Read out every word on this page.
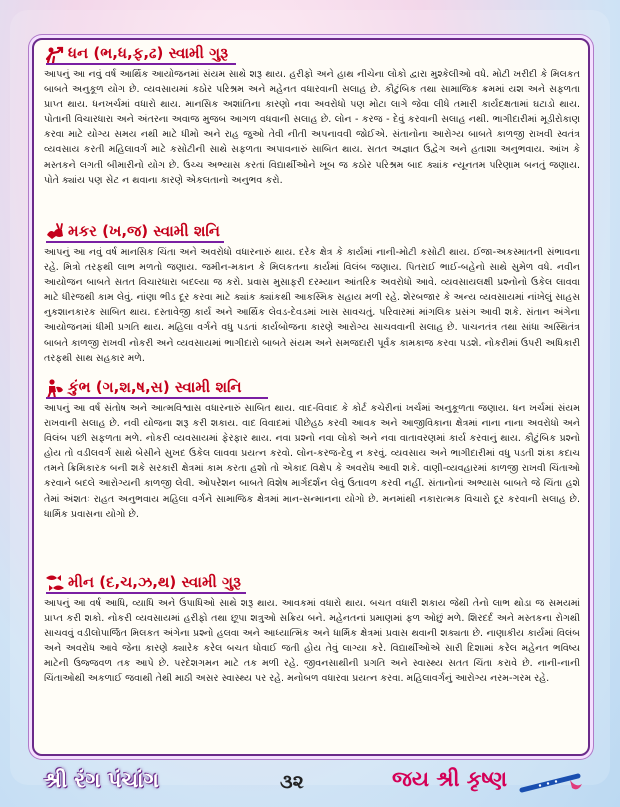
ધન (ભ,ધ,ફ,ઢ) સ્વામી ગુરૂ
આપનું આ નવું વર્ષ આર્થિક આયોજનમાં સંયમ સાથે શરૂ થાય. હરીફો અને હાથ નીચેના લોકો દ્વારા મુશ્કેલીઓ વધે. મોટી ખરીદી કે મિલકત બાબતે અનુકૂળ યોગ છે. વ્યવસાયમાં કઠોર પરિશ્રમ અને મહેનત વધારવાની સલાહ છે. કૌટુંબિક તથા સામાજિક ક્રમમાં યશ અને સફળતા પ્રાપ્ત થાય. ધનખર્ચમાં વધારો થાય. માનસિક અશાંતિના કારણો નવા અવરોધો પણ મોટા લાગે જેવા લીધે તમારી કાર્યદક્ષતામાં ઘટાડો થાય. પોતાની વિચારધારા અને અંતરના અવાજ મુજબ આગળ વધવાની સલાહ છે. લોન - કરજ - દેવું કરવાની સલાહ નથી. ભાગીદારીમાં મૂડીરોકાણ કરવા માટે યોગ્ય સમય નથી માટે ધીમો અને રાહ જુઓ તેવી નીતી અપનાવવી જોઈએ. સંતાનોના આરોગ્ય બાબતે કાળજી રાખવી સ્વતંત્ર વ્યવસાય કરતી મહિલાવર્ગ માટે કસોટીની સાથે સફળતા અપાવનારું સાબિત થાય. સતત અજ્ઞાત ઉદ્વેગ અને હતાશા અનુભવાય. આંખ કે મસ્તકને લગતી બીમારીનો યોગ છે. ઉચ્ચ અભ્યાસ કરતાં વિદ્યાર્થીઓને ખૂબ જ કઠોર પરિશ્રમ બાદ ક્યાંક ન્યૂનતમ પરિણામ બનતું જણાય. પોતે ક્યાંય પણ સેટ ન થવાના કારણે એકલતાનો અનુભવ કરો.
મકર (ખ,જ) સ્વામી શનિ
આપનું આ નવું વર્ષ માનસિક ચિંતા અને અવરોધો વધારનારું થાય. દરેક ક્ષેત્ર કે કાર્યમાં નાની-મોટી કસોટી થાય. ઈજા-અકસ્માતની સંભાવના રહે. મિત્રો તરફથી લાભ મળતો જણાય. જમીન-મકાન કે મિલકતના કાર્યમાં વિલંબ જણાય. પિતરાઈ ભાઈ-બહેનો સાથે સુમેળ વધે. નવીન આયોજન બાબતે સતત વિચારધારા બદલ્યા જ કરો. પ્રવાસ મુસાફરી દરમ્યાન આંતરિક અવરોધો આવે. વ્યવસાયલક્ષી પ્રશ્નોનો ઉકેલ લાવવા માટે ધીરજથી કામ લેવું. નાંણા ભીડ દૂર કરવા માટે ક્યાંક ક્યાંકથી આકસ્મિક સહાય મળી રહે. શેરબજાર કે અન્ય વ્યવસાયમાં નાંખેલું સાહસ નુકશાનકારક સાબિત થાય. દસ્તાવેજી કાર્ય અને આર્થિક લેવડ-દેવડમાં ખાસ સાવચતું. પરિવારમાં માંગલિક પ્રસંગ આવી શકે. સંતાન અંગેના આયોજનમાં ધીમી પ્રગતિ થાય. મહિલા વર્ગને વધુ પડતાં કાર્યબોજના કારણે આરોગ્ય સાચવવાની સલાહ છે. પાચનતંત્ર તથા સાંધા અસ્થિતંત્ર બાબતે કાળજી રાખવી નોકરી અને વ્યવસાયમાં ભાગીદારો બાબતે સંયમ અને સમજદારી પૂર્વક કામકાજ કરવા પડશે. નોકરીમાં ઉપરી અધિકારી તરફથી સાથ સહકાર મળે.
કુંભ (ગ,શ,ષ,સ) સ્વામી શનિ
આપનું આ વર્ષ સંતોષ અને આત્મવિશ્વાસ વધારનારું સાબિત થાય. વાદ-વિવાદ કે કોર્ટ કચેરીનાં ખર્ચમાં અનુકૂળતા જણાય. ધન ખર્ચમાં સંયમ રાખવાની સલાહ છે. નવી યોજના શરૂ કરી શકાય. વાદ વિવાદમાં પીછેહઠ કરવી આવક અને આજીવિકાના ક્ષેત્રમાં નાના નાના અવરોધો અને વિલંબ પછી સફળતા મળે. નોકરી વ્યવસાયમાં ફેરફાર થાય. નવા પ્રશ્નો નવા લોકો અને નવા વાતાવરણમાં કાર્ય કરવાનું થાય. કૌટુંબિક પ્રશ્નો હોય તો વડીલવર્ગ સાથે બેસીને સુખદ ઉકેલ લાવવા પ્રયત્ન કરવો. લોન-કરજ-દેવુ ન કરવું. વ્યવસાય અને ભાગીદારીમાં વધુ પડતી શંકા કદાચ તમને ક્રિમિકારક બની શકે સરકારી ક્ષેત્રમાં કામ કરતા હશો તો એકાદ વિક્ષેપ કે અવરોધ આવી શકે. વાણી-વ્યવહારમાં કાળજી રાખવી ચિંતાઓ કરવાને બદલે આરોગ્યની કાળજી લેવી. ઓપરેશન બાબતે વિશેષ માર્ગદર્શન લેવું ઉતાવળ કરવી નહીં. સંતાનોનાં અભ્યાસ બાબતે જે ચિંતા હશે તેમાં અંશતઃ રાહત અનુભવાય મહિલા વર્ગને સામાજિક ક્ષેત્રમાં માન-સન્માનના યોગો છે. મનમાંથી નકારાત્મક વિચારો દૂર કરવાની સલાહ છે. ધાર્મિક પ્રવાસના યોગો છે.
મીન (દ,ચ,ઝ,થ) સ્વામી ગુરૂ
આપનું આ વર્ષ આધિ, વ્યાધિ અને ઉપાધિઓ સાથે શરૂ થાય. આવકમાં વધારો થાય. બચત વધારી શકાય જેથી તેનો લાભ થોડા જ સમયમાં પ્રાપ્ત કરી શકો. નોકરી વ્યવસાયમાં હરીફો તથા છૂપા શત્રુઓ સક્રિય બને. મહેનતનાં પ્રમાણમાં ફળ ઓછું મળે. શિરદર્દ અને મસ્તકના રોગથી સાચવવું વડીલોપાર્જિત મિલકત અંગેના પ્રશ્નો હલવા અને આધ્યાત્મિક અને ધાર્મિક ક્ષેત્રમાં પ્રવાસ થવાની શક્યતા છે. નાણાકીય કાર્યમાં વિલંબ અને અવરોધ આવે જેના કારણે ક્યારેક કરેલ બચત ધોવાઈ જતી હોય તેવું લાગ્યા કરે. વિદ્યાર્થીઓએ સારી દિશામાં કરેલ મહેનત ભવિષ્ય માટેની ઉજ્જવળ તક આપે છે. પરદેશગમન માટે તક મળી રહે. જીવનસાથીની પ્રગતિ અને સ્વાસ્થ્ય સતત ચિંતા કરાવે છે. નાની-નાની ચિંતાઓથી અકળાઈ જવાથી તેથી માઠી અસર સ્વાસ્થ્ય પર રહે. મનોબળ વધારવા પ્રયત્ન કરવા. મહિલાવર્ગનું આરોગ્ય નરમ-ગરમ રહે.
શ્રી રંગ પંચાંગ	૩૨	જય શ્રી કૃષ્ણ
